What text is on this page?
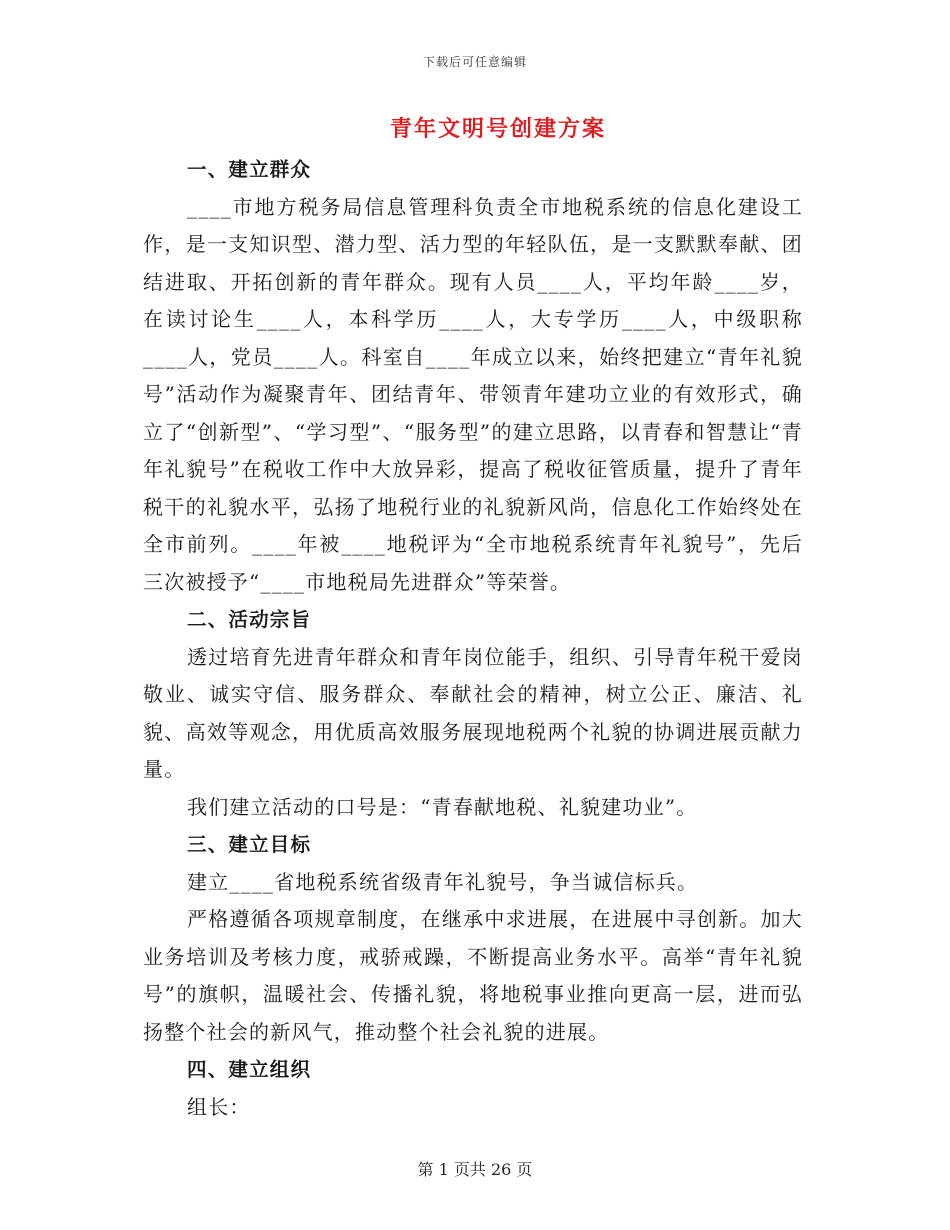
下载后可任意编辑
青年文明号创建方案

一、建立群众

____市地方税务局信息管理科负责全市地税系统的信息化建设工作，是一支知识型、潜力型、活力型的年轻队伍，是一支默默奉献、团结进取、开拓创新的青年群众。现有人员____人，平均年龄____岁，在读讨论生____人，本科学历____人，大专学历____人，中级职称____人，党员____人。科室自____年成立以来，始终把建立“青年礼貌号”活动作为凝聚青年、团结青年、带领青年建功立业的有效形式，确立了“创新型”、“学习型”、“服务型”的建立思路，以青春和智慧让“青年礼貌号”在税收工作中大放异彩，提高了税收征管质量，提升了青年税干的礼貌水平，弘扬了地税行业的礼貌新风尚，信息化工作始终处在全市前列。____年被____地税评为“全市地税系统青年礼貌号”，先后三次被授予“____市地税局先进群众”等荣誉。

二、活动宗旨

透过培育先进青年群众和青年岗位能手，组织、引导青年税干爱岗敬业、诚实守信、服务群众、奉献社会的精神，树立公正、廉洁、礼貌、高效等观念，用优质高效服务展现地税两个礼貌的协调进展贡献力量。

我们建立活动的口号是：“青春献地税、礼貌建功业”。

三、建立目标

建立____省地税系统省级青年礼貌号，争当诚信标兵。

严格遵循各项规章制度，在继承中求进展，在进展中寻创新。加大业务培训及考核力度，戒骄戒躁，不断提高业务水平。高举“青年礼貌号”的旗帜，温暖社会、传播礼貌，将地税事业推向更高一层，进而弘扬整个社会的新风气，推动整个社会礼貌的进展。

四、建立组织

组长：

第 1 页共 26 页
